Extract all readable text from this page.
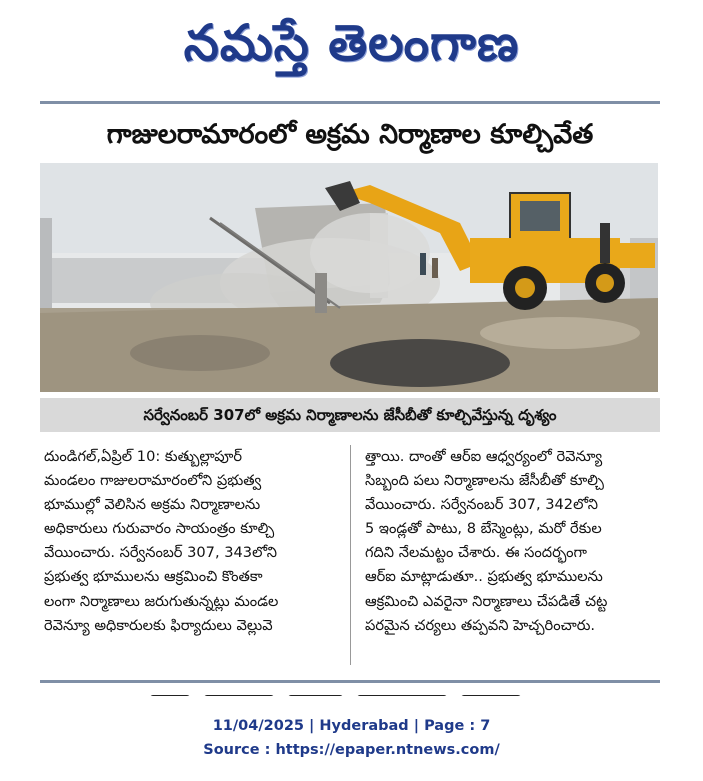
నమస్తే తెలంగాణ
గాజులరామారంలో అక్రమ నిర్మాణాల కూల్చివేత
సర్వేనంబర్ 307లో అక్రమ నిర్మాణాలను జేసీబీతో కూల్చివేస్తున్న దృశ్యం
దుండిగల్,ఏప్రిల్ 10: కుత్బుల్లాపూర్
మండలం గాజులరామారంలోని ప్రభుత్వ
భూముల్లో వెలిసిన అక్రమ నిర్మాణాలను
అధికారులు గురువారం సాయంత్రం కూల్చి
వేయించారు. సర్వేనంబర్ 307, 343లోని
ప్రభుత్వ భూములను ఆక్రమించి కొంతకా
లంగా నిర్మాణాలు జరుగుతున్నట్లు మండల
రెవెన్యూ అధికారులకు ఫిర్యాదులు వెల్లువె
త్తాయి. దాంతో ఆర్ఐ ఆధ్వర్యంలో రెవెన్యూ
సిబ్బంది పలు నిర్మాణాలను జేసీబీతో కూల్చి
వేయించారు. సర్వేనంబర్ 307, 342లోని
5 ఇండ్లతో పాటు, 8 బేస్మెంట్లు, మరో రేకుల
గదిని నేలమట్టం చేశారు. ఈ సందర్భంగా
ఆర్ఐ మాట్లాడుతూ.. ప్రభుత్వ భూములను
ఆక్రమించి ఎవరైనా నిర్మాణాలు చేపడితే చట్ట
పరమైన చర్యలు తప్పవని హెచ్చరించారు.
11/04/2025 | Hyderabad | Page : 7
Source : https://epaper.ntnews.com/
